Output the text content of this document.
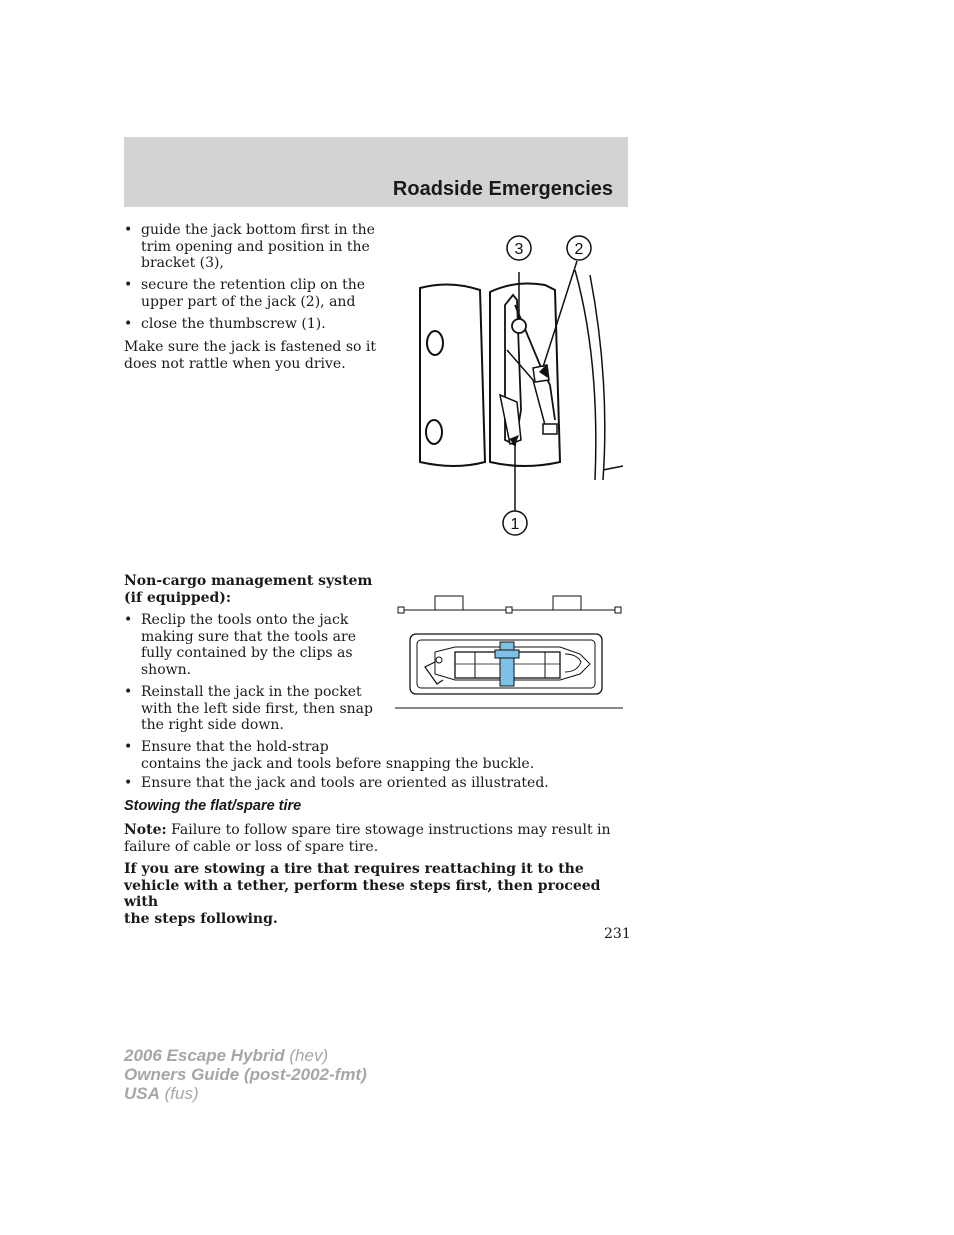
Roadside Emergencies
• guide the jack bottom first in the
trim opening and position in the
bracket (3),
• secure the retention clip on the
upper part of the jack (2), and
• close the thumbscrew (1).
Make sure the jack is fastened so it
does not rattle when you drive.
3	2
1
Non-cargo management system
(if equipped):
• Reclip the tools onto the jack
making sure that the tools are
fully contained by the clips as
shown.
• Reinstall the jack in the pocket
with the left side first, then snap
the right side down.
• Ensure that the hold-strap
contains the jack and tools before snapping the buckle.
• Ensure that the jack and tools are oriented as illustrated.
Stowing the flat/spare tire
Note: Failure to follow spare tire stowage instructions may result in
failure of cable or loss of spare tire.
If you are stowing a tire that requires reattaching it to the
vehicle with a tether, perform these steps first, then proceed with
the steps following.
231
2006 Escape Hybrid (hev)
Owners Guide (post-2002-fmt)
USA (fus)
